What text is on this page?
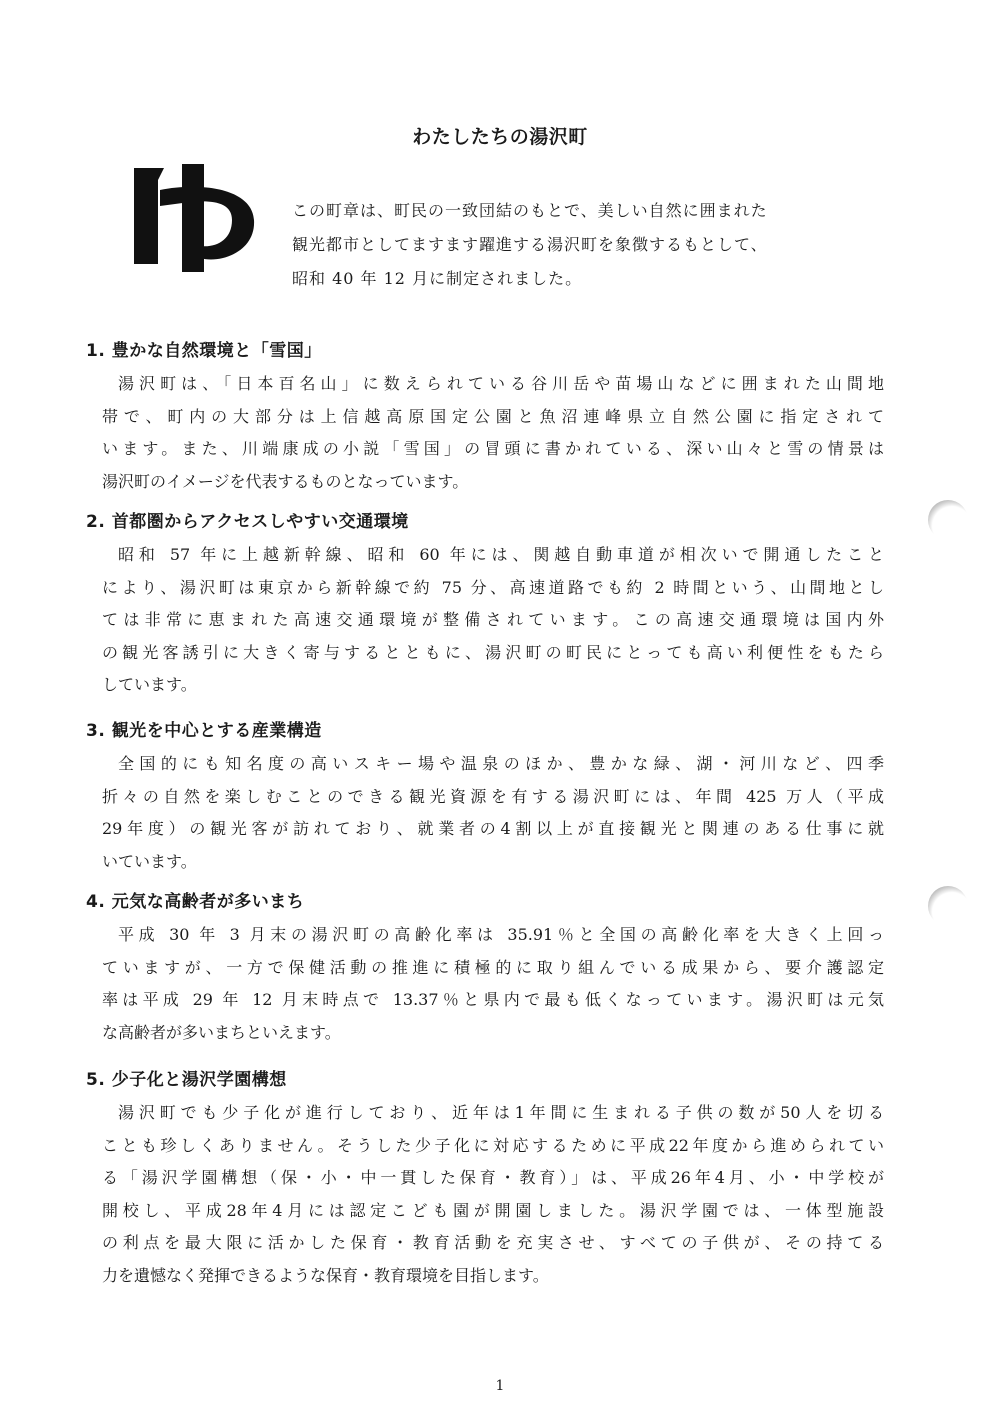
わたしたちの湯沢町

この町章は、町民の一致団結のもとで、美しい自然に囲まれた

観光都市としてますます躍進する湯沢町を象徴するもとして、

昭和 40 年 12 月に制定されました。

1. 豊かな自然環境と「雪国」

湯沢町は、「日本百名山」に数えられている谷川岳や苗場山などに囲まれた山間地
帯で、町内の大部分は上信越高原国定公園と魚沼連峰県立自然公園に指定されて
います。また、川端康成の小説「雪国」の冒頭に書かれている、深い山々と雪の情景は
湯沢町のイメージを代表するものとなっています。

2. 首都圏からアクセスしやすい交通環境

昭和 57 年に上越新幹線、昭和 60 年には、関越自動車道が相次いで開通したこと
により、湯沢町は東京から新幹線で約 75 分、高速道路でも約 2 時間という、山間地とし
ては非常に恵まれた高速交通環境が整備されています。この高速交通環境は国内外
の観光客誘引に大きく寄与するとともに、湯沢町の町民にとっても高い利便性をもたら
しています。

3. 観光を中心とする産業構造

全国的にも知名度の高いスキー場や温泉のほか、豊かな緑、湖・河川など、四季
折々の自然を楽しむことのできる観光資源を有する湯沢町には、年間 425 万人（平成
29年度）の観光客が訪れており、就業者の4割以上が直接観光と関連のある仕事に就
いています。

4. 元気な高齢者が多いまち

平成 30 年 3 月末の湯沢町の高齢化率は 35.91％と全国の高齢化率を大きく上回っ
ていますが、一方で保健活動の推進に積極的に取り組んでいる成果から、要介護認定
率は平成 29 年 12 月末時点で 13.37％と県内で最も低くなっています。湯沢町は元気
な高齢者が多いまちといえます。

5. 少子化と湯沢学園構想

湯沢町でも少子化が進行しており、近年は1年間に生まれる子供の数が50人を切る
ことも珍しくありません。そうした少子化に対応するために平成22年度から進められてい
る「湯沢学園構想（保・小・中一貫した保育・教育）」は、平成26年4月、小・中学校が
開校し、平成28年4月には認定こども園が開園しました。湯沢学園では、一体型施設
の利点を最大限に活かした保育・教育活動を充実させ、すべての子供が、その持てる
力を遺憾なく発揮できるような保育・教育環境を目指します。

1
